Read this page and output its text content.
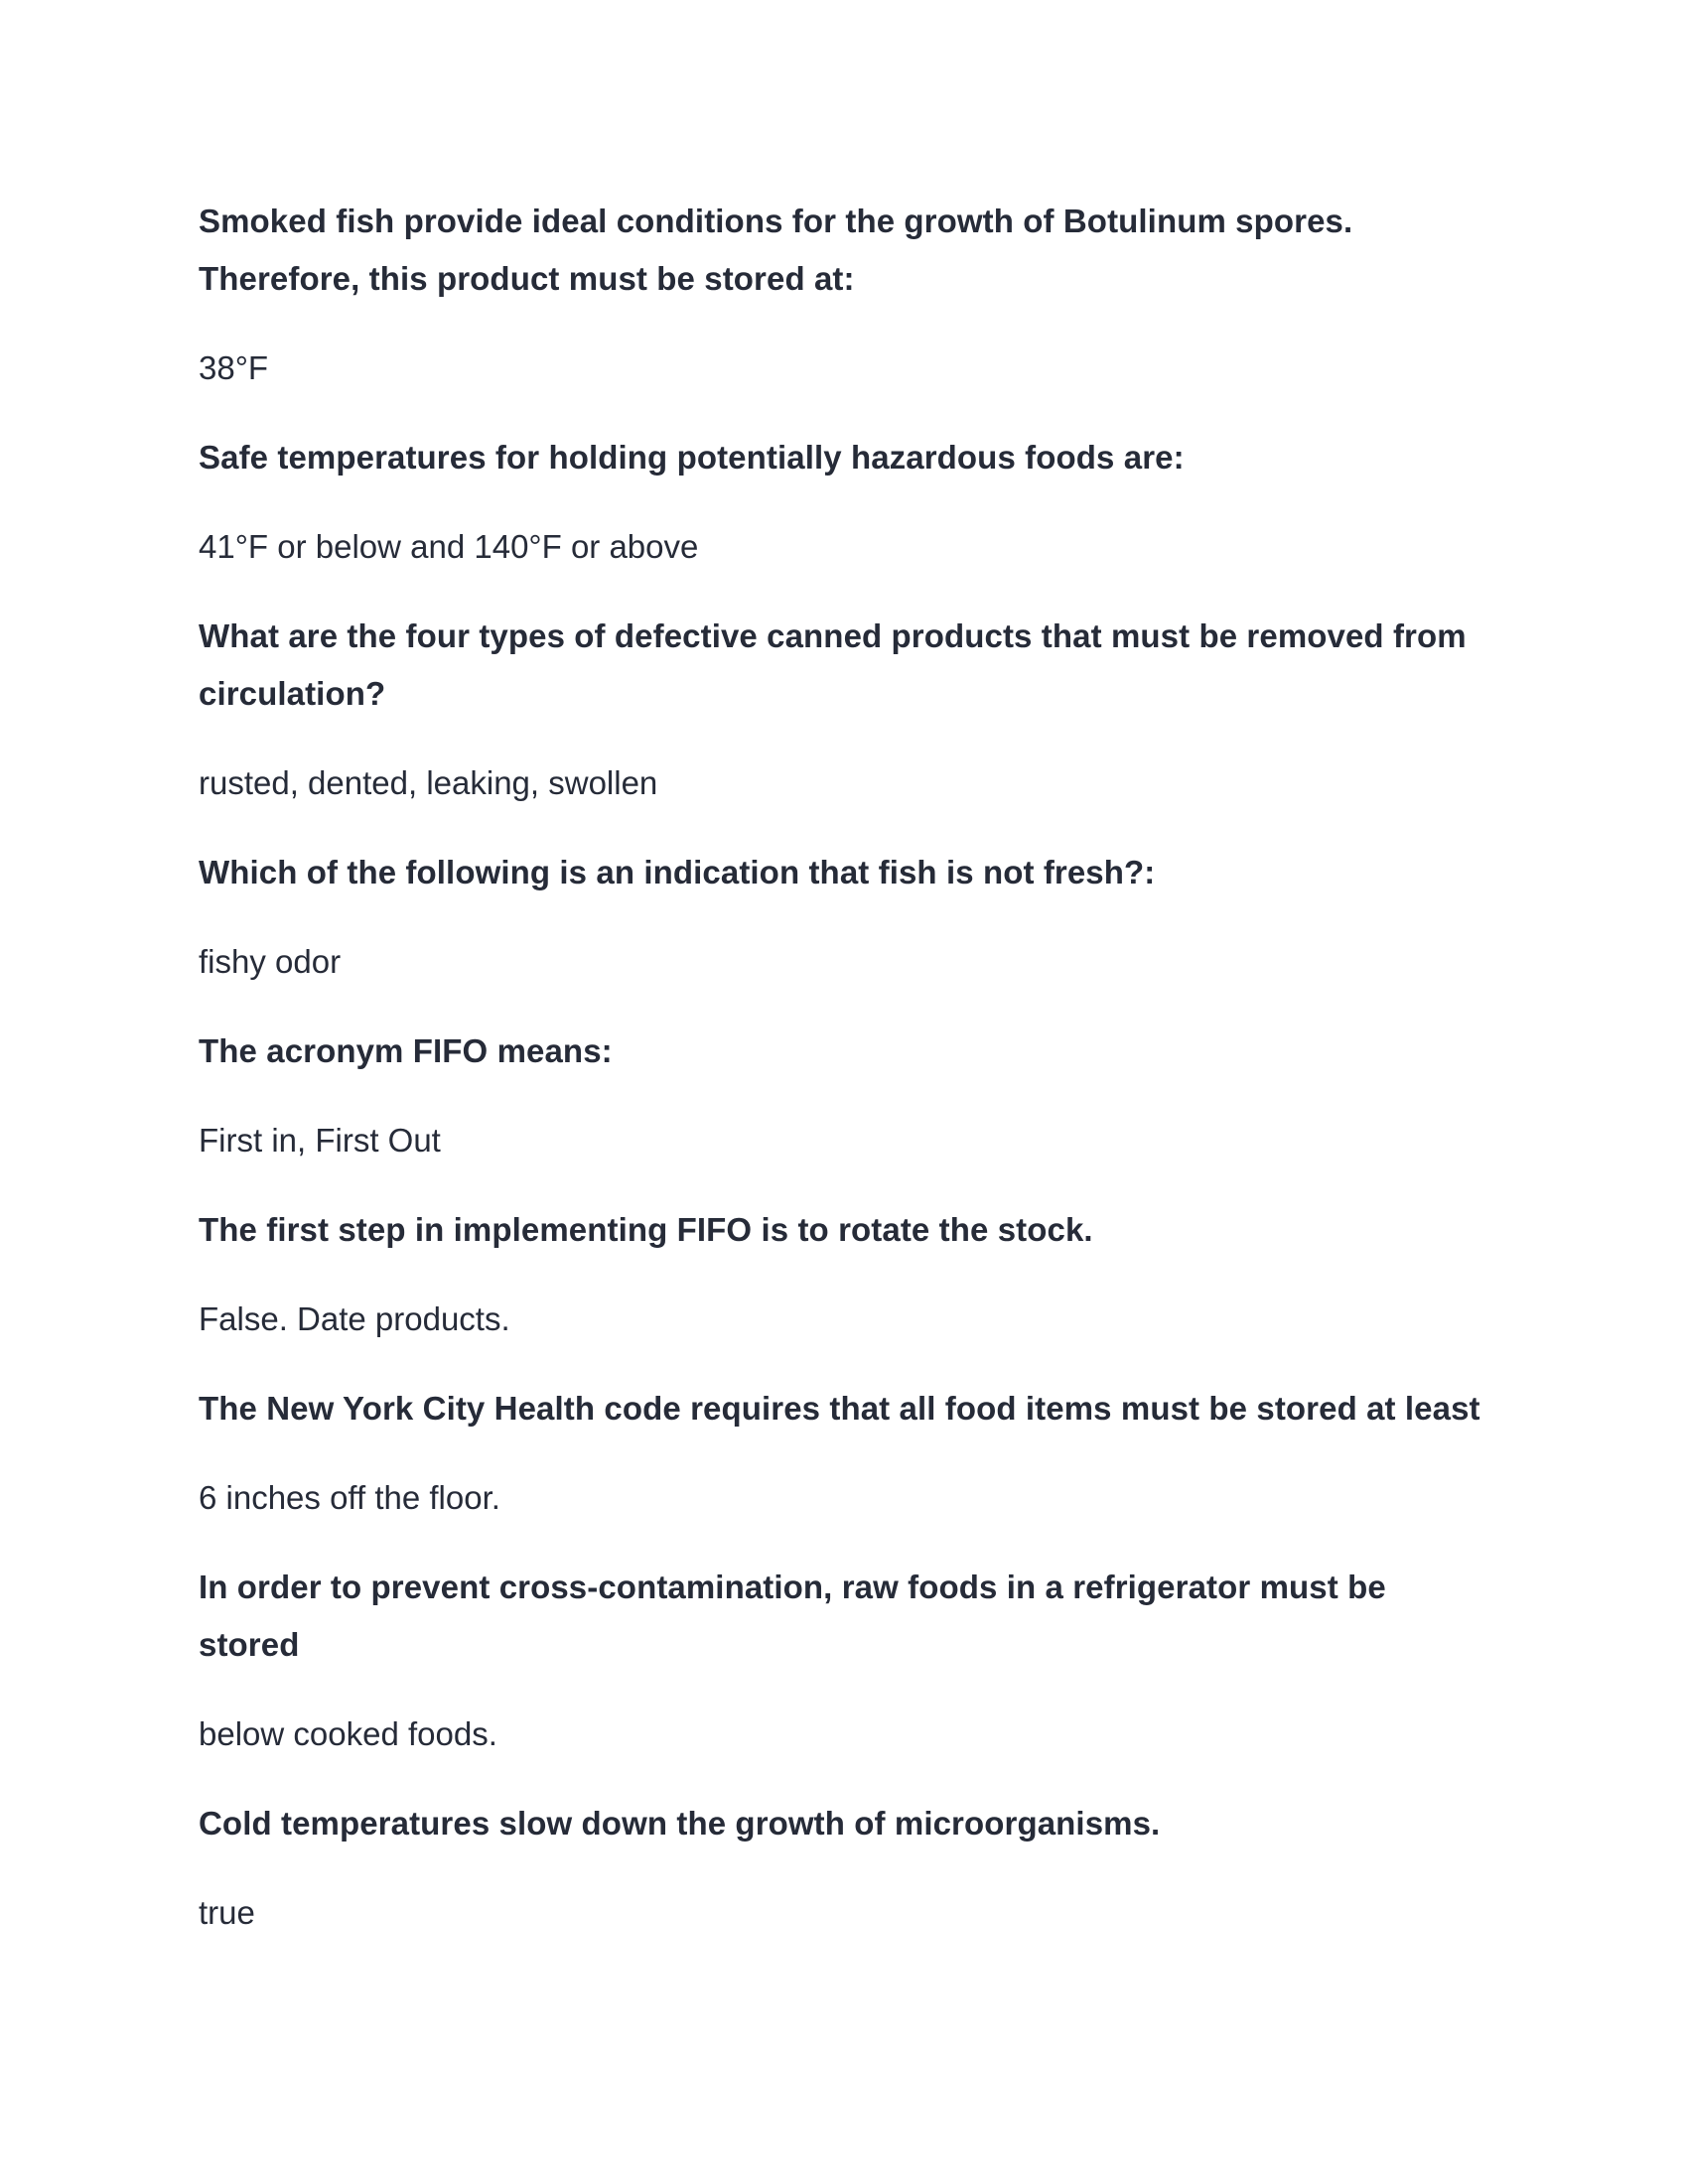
Smoked fish provide ideal conditions for the growth of Botulinum spores. Therefore, this product must be stored at:

38°F

Safe temperatures for holding potentially hazardous foods are:

41°F or below and 140°F or above

What are the four types of defective canned products that must be removed from circulation?

rusted, dented, leaking, swollen

Which of the following is an indication that fish is not fresh?:

fishy odor

The acronym FIFO means:

First in, First Out

The first step in implementing FIFO is to rotate the stock.

False. Date products.

The New York City Health code requires that all food items must be stored at least

6 inches off the floor.

In order to prevent cross-contamination, raw foods in a refrigerator must be stored

below cooked foods.

Cold temperatures slow down the growth of microorganisms.

true
